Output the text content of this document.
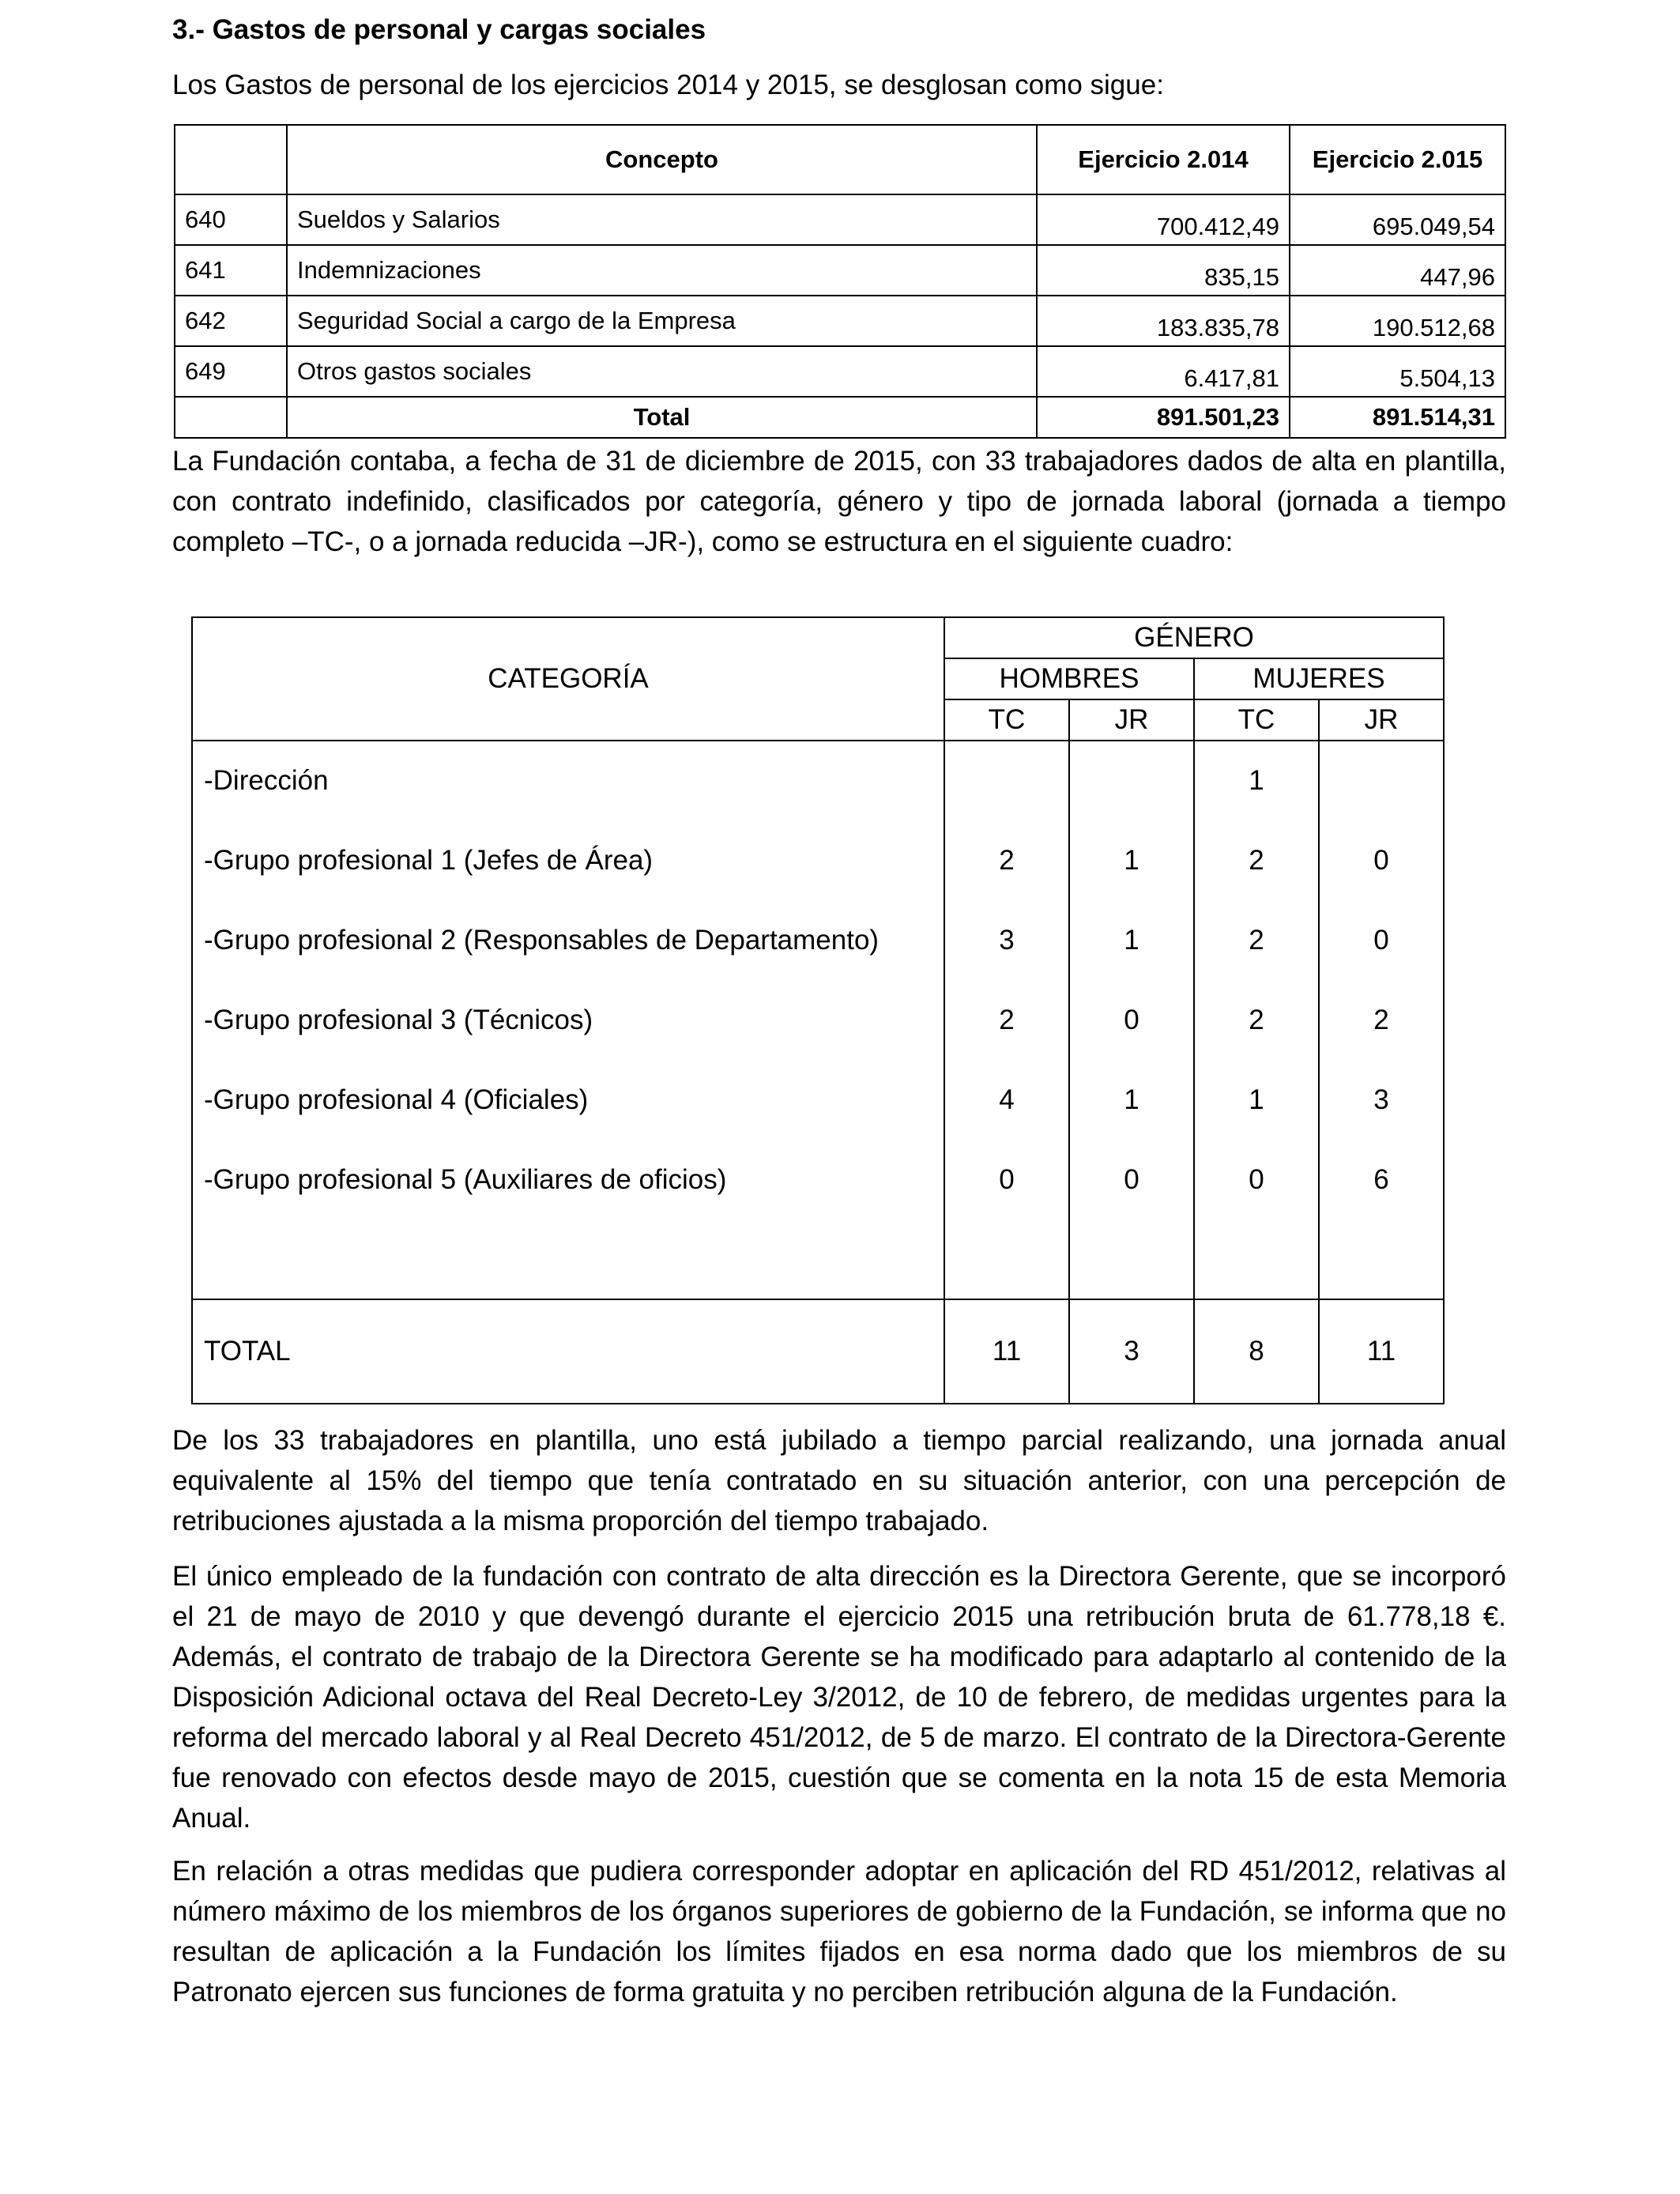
3.- Gastos de personal y cargas sociales

Los Gastos de personal de los ejercicios 2014 y 2015, se desglosan como sigue:

	Concepto	Ejercicio 2.014	Ejercicio 2.015
640	Sueldos y Salarios	700.412,49	695.049,54
641	Indemnizaciones	835,15	447,96
642	Seguridad Social a cargo de la Empresa	183.835,78	190.512,68
649	Otros gastos sociales	6.417,81	5.504,13
	Total	891.501,23	891.514,31

La Fundación contaba, a fecha de 31 de diciembre de 2015, con 33 trabajadores dados de alta en plantilla, con contrato indefinido, clasificados por categoría, género y tipo de jornada laboral (jornada a tiempo completo –TC-, o a jornada reducida –JR-), como se estructura en el siguiente cuadro:

CATEGORÍA	GÉNERO			
	HOMBRES		MUJERES	
	TC	JR	TC	JR
-Dirección			1	
-Grupo profesional 1 (Jefes de Área)	2	1	2	0
-Grupo profesional 2 (Responsables de Departamento)	3	1	2	0
-Grupo profesional 3 (Técnicos)	2	0	2	2
-Grupo profesional 4 (Oficiales)	4	1	1	3
-Grupo profesional 5 (Auxiliares de oficios)	0	0	0	6

TOTAL	11	3	8	11

De los 33 trabajadores en plantilla, uno está jubilado a tiempo parcial realizando, una jornada anual equivalente al 15% del tiempo que tenía contratado en su situación anterior, con una percepción de retribuciones ajustada a la misma proporción del tiempo trabajado.

El único empleado de la fundación con contrato de alta dirección es la Directora Gerente, que se incorporó el 21 de mayo de 2010 y que devengó durante el ejercicio 2015 una retribución bruta de 61.778,18 €. Además, el contrato de trabajo de la Directora Gerente se ha modificado para adaptarlo al contenido de la Disposición Adicional octava del Real Decreto-Ley 3/2012, de 10 de febrero, de medidas urgentes para la reforma del mercado laboral y al Real Decreto 451/2012, de 5 de marzo. El contrato de la Directora-Gerente fue renovado con efectos desde mayo de 2015, cuestión que se comenta en la nota 15 de esta Memoria Anual.

En relación a otras medidas que pudiera corresponder adoptar en aplicación del RD 451/2012, relativas al número máximo de los miembros de los órganos superiores de gobierno de la Fundación, se informa que no resultan de aplicación a la Fundación los límites fijados en esa norma dado que los miembros de su Patronato ejercen sus funciones de forma gratuita y no perciben retribución alguna de la Fundación.
